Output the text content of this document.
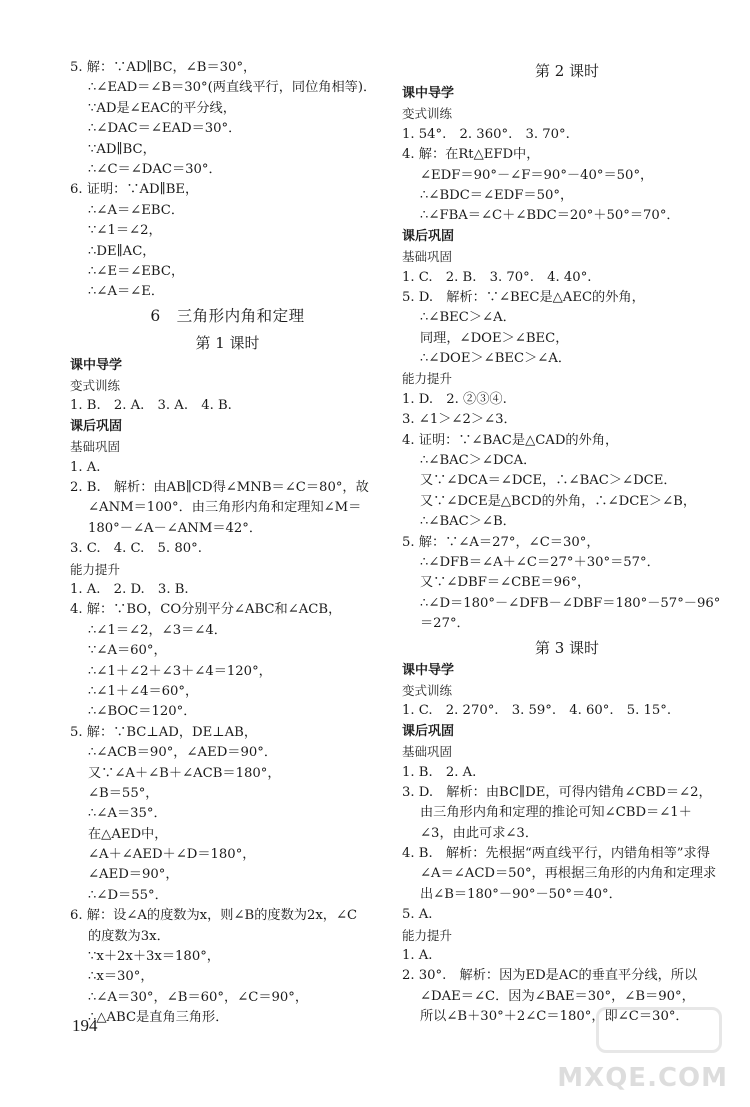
5. 解：∵AD∥BC，∠B＝30°，
∴∠EAD＝∠B＝30°(两直线平行，同位角相等)．
∵AD是∠EAC的平分线，
∴∠DAC＝∠EAD＝30°．
∵AD∥BC，
∴∠C＝∠DAC＝30°．
6. 证明：∵AD∥BE，
∴∠A＝∠EBC．
∵∠1＝∠2，
∴DE∥AC，
∴∠E＝∠EBC，
∴∠A＝∠E．
6　三角形内角和定理
第 1 课时
课中导学
变式训练
1. B.　2. A.　3. A.　4. B.
课后巩固
基础巩固
1. A.
2. B.　解析：由AB∥CD得∠MNB＝∠C＝80°，故
∠ANM＝100°．由三角形内角和定理知∠M＝
180°－∠A－∠ANM＝42°．
3. C.　4. C.　5. 80°.
能力提升
1. A.　2. D.　3. B.
4. 解：∵BO，CO分别平分∠ABC和∠ACB，
∴∠1＝∠2，∠3＝∠4．
∵∠A＝60°，
∴∠1＋∠2＋∠3＋∠4＝120°，
∴∠1＋∠4＝60°，
∴∠BOC＝120°．
5. 解：∵BC⊥AD，DE⊥AB，
∴∠ACB＝90°，∠AED＝90°．
又∵∠A＋∠B＋∠ACB＝180°，
∠B＝55°，
∴∠A＝35°．
在△AED中，
∠A＋∠AED＋∠D＝180°，
∠AED＝90°，
∴∠D＝55°．
6. 解：设∠A的度数为x，则∠B的度数为2x，∠C
的度数为3x．
∵x＋2x＋3x＝180°，
∴x＝30°，
∴∠A＝30°，∠B＝60°，∠C＝90°，
∴△ABC是直角三角形．
第 2 课时
课中导学
变式训练
1. 54°.　2. 360°.　3. 70°.
4. 解：在Rt△EFD中，
∠EDF＝90°－∠F＝90°－40°＝50°，
∴∠BDC＝∠EDF＝50°，
∴∠FBA＝∠C＋∠BDC＝20°＋50°＝70°．
课后巩固
基础巩固
1. C.　2. B.　3. 70°.　4. 40°.
5. D.　解析：∵∠BEC是△AEC的外角，
∴∠BEC＞∠A．
同理，∠DOE＞∠BEC，
∴∠DOE＞∠BEC＞∠A．
能力提升
1. D.　2. ②③④.
3. ∠1＞∠2＞∠3．
4. 证明：∵∠BAC是△CAD的外角，
∴∠BAC＞∠DCA．
又∵∠DCA＝∠DCE，∴∠BAC＞∠DCE．
又∵∠DCE是△BCD的外角，∴∠DCE＞∠B，
∴∠BAC＞∠B．
5. 解：∵∠A＝27°，∠C＝30°，
∴∠DFB＝∠A＋∠C＝27°＋30°＝57°．
又∵∠DBF＝∠CBE＝96°，
∴∠D＝180°－∠DFB－∠DBF＝180°－57°－96°
＝27°．
第 3 课时
课中导学
变式训练
1. C.　2. 270°.　3. 59°.　4. 60°.　5. 15°.
课后巩固
基础巩固
1. B.　2. A.
3. D.　解析：由BC∥DE，可得内错角∠CBD＝∠2，
由三角形内角和定理的推论可知∠CBD＝∠1＋
∠3，由此可求∠3．
4. B.　解析：先根据“两直线平行，内错角相等”求得
∠A＝∠ACD＝50°，再根据三角形的内角和定理求
出∠B＝180°－90°－50°＝40°．
5. A.
能力提升
1. A.
2. 30°.　解析：因为ED是AC的垂直平分线，所以
∠DAE＝∠C．因为∠BAE＝30°，∠B＝90°，
所以∠B＋30°＋2∠C＝180°，即∠C＝30°．
194
MXQE.COM
